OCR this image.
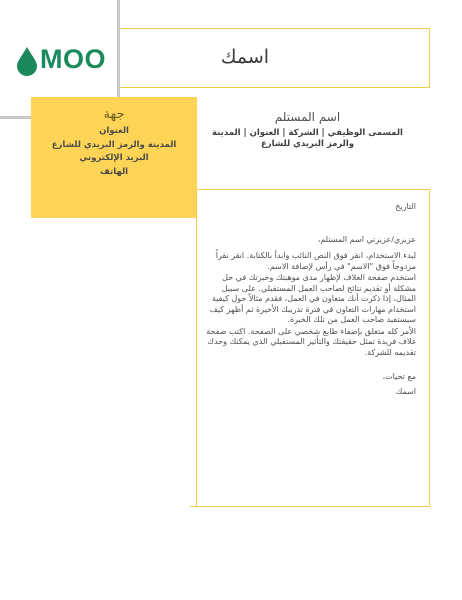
اسمك
MOO
جهة
العنوان
المدينة والرمز البريدي للشارع
البريد الإلكتروني
الهاتف
اسم المستلم
المسمى الوظيفي | الشركة | العنوان | المدينة
والرمز البريدي للشارع

التاريخ

عزيزي/عزيزتي اسم المستلم،

لبدء الاستخدام، انقر فوق النص النائب وابدأ بالكتابة. انقر نقراً مزدوجاً فوق "الاسم" في رأس لإضافة الاسم.

استخدم صفحة الغلاف لإظهار مدى موهبتك وخبرتك في حل مشكلة أو تقديم نتائج لصاحب العمل المستقبلي. على سبيل المثال، إذا ذكرت أنك متعاون في العمل، فقدم مثالاً حول كيفية استخدام مهارات التعاون في فترة تدريبك الأخيرة ثم أظهر كيف سيستفيد صاحب العمل من تلك الخبرة.

الأمر كله متعلق بإضفاء طابع شخصي على الصفحة. اكتب صفحة غلاف فريدة تمثل حقيقتك والتأثير المستقبلي الذي يمكنك وحدك تقديمه للشركة.

مع تحيات،

اسمك
